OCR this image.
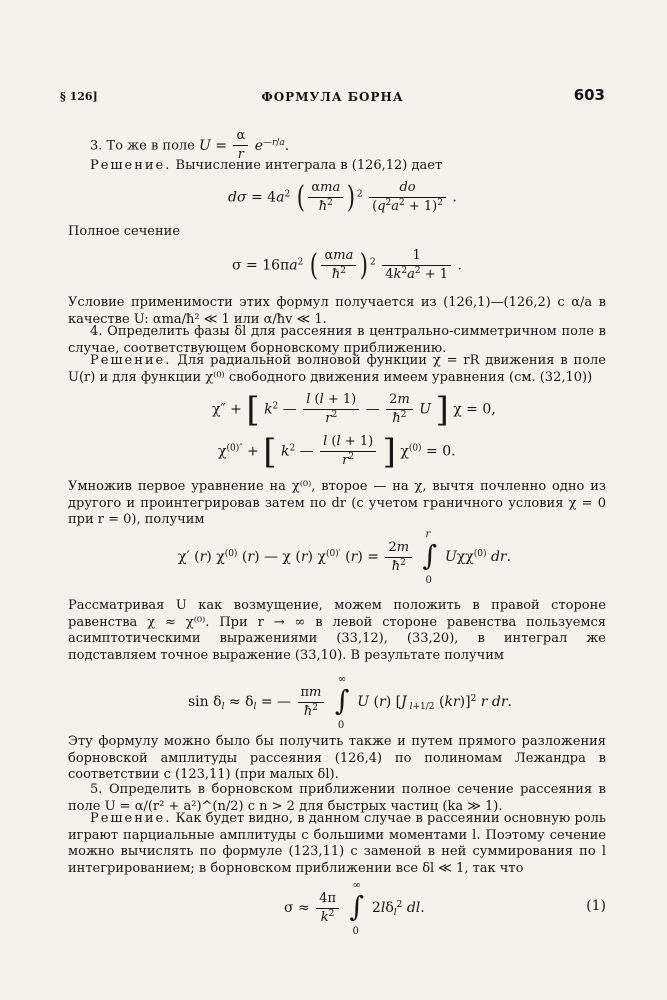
§ 126]	ФОРМУЛА БОРНА	603
3. То же в поле $U = \frac{\alpha}{r} e^{—r/a}$.
Решение. Вычисление интеграла в (126,12) дает
$d\sigma = 4a^2$ ( $\frac{\text{αma}}{ħ^2}$ ) $^2 \frac{do}{(q^2a^2 + 1)^2}$ .
Полное сечение
$\sigma = 16\pi a^2$ ( $\frac{\text{αma}}{ħ^2}$ ) $^2 \frac{1}{4k^2a^2 + 1}$ .
Условие применимости этих формул получается из (126,1)—(126,2) с α/a в качестве U: αma/ħ² ≪ 1 или α/ħv ≪ 1.
4. Определить фазы δl для рассеяния в центрально-симметричном поле в случае, соответствующем борновскому приближению.
Решение. Для радиальной волновой функции χ = rR движения в поле U(r) и для функции χ⁽⁰⁾ свободного движения имеем уравнения (см. (32,10))
χ″ + [ $k^2$ — $\frac{l (l + 1)}{r^2}$ — $\frac{2m}{ħ^2}$ U ] χ = 0,
$\chi^{(0)''}$ + [ $k^2$ — $\frac{l (l + 1)}{r^2}$ ] $\chi^{(0)} = 0$.
Умножив первое уравнение на χ⁽⁰⁾, второе — на χ, вычтя почленно одно из другого и проинтегрировав затем по dr (с учетом граничного условия χ = 0 при r = 0), получим
χ′ (r) $\chi^{(0)}$ (r) — χ (r) $\chi^{(0)'}$ $(r) = \frac{2m}{ħ^2}$

r
∫
0
Uχχ$^{(0)}$ dr.
Рассматривая U как возмущение, можем положить в правой стороне равенства χ ≈ χ⁽⁰⁾. При r → ∞ в левой стороне равенства пользуемся асимптотическими выражениями (33,12), (33,20), в интеграл же подставляем точное выражение (33,10). В результате получим
$\sin \delta_l \approx \delta_l$ = — $\frac{\pi m}{ħ^2}$

∞
∫
0
U (r) [J $_{l+1/2}$ (kr)]$^2$ r dr.
Эту формулу можно было бы получить также и путем прямого разложения борновской амплитуды рассеяния (126,4) по полиномам Лежандра в соответствии с (123,11) (при малых δl).
5. Определить в борновском приближении полное сечение рассеяния в поле U = α/(r² + a²)^(n/2) с n > 2 для быстрых частиц (ka ≫ 1).
Решение. Как будет видно, в данном случае в рассеянии основную роль играют парциальные амплитуды с большими моментами l. Поэтому сечение можно вычислять по формуле (123,11) с заменой в ней суммирования по l интегрированием; в борновском приближении все δl ≪ 1, так что
$\sigma \approx \frac{4\pi}{k^2}$

∞
∫
0
$2l\delta_l^2$ dl.	(1)
